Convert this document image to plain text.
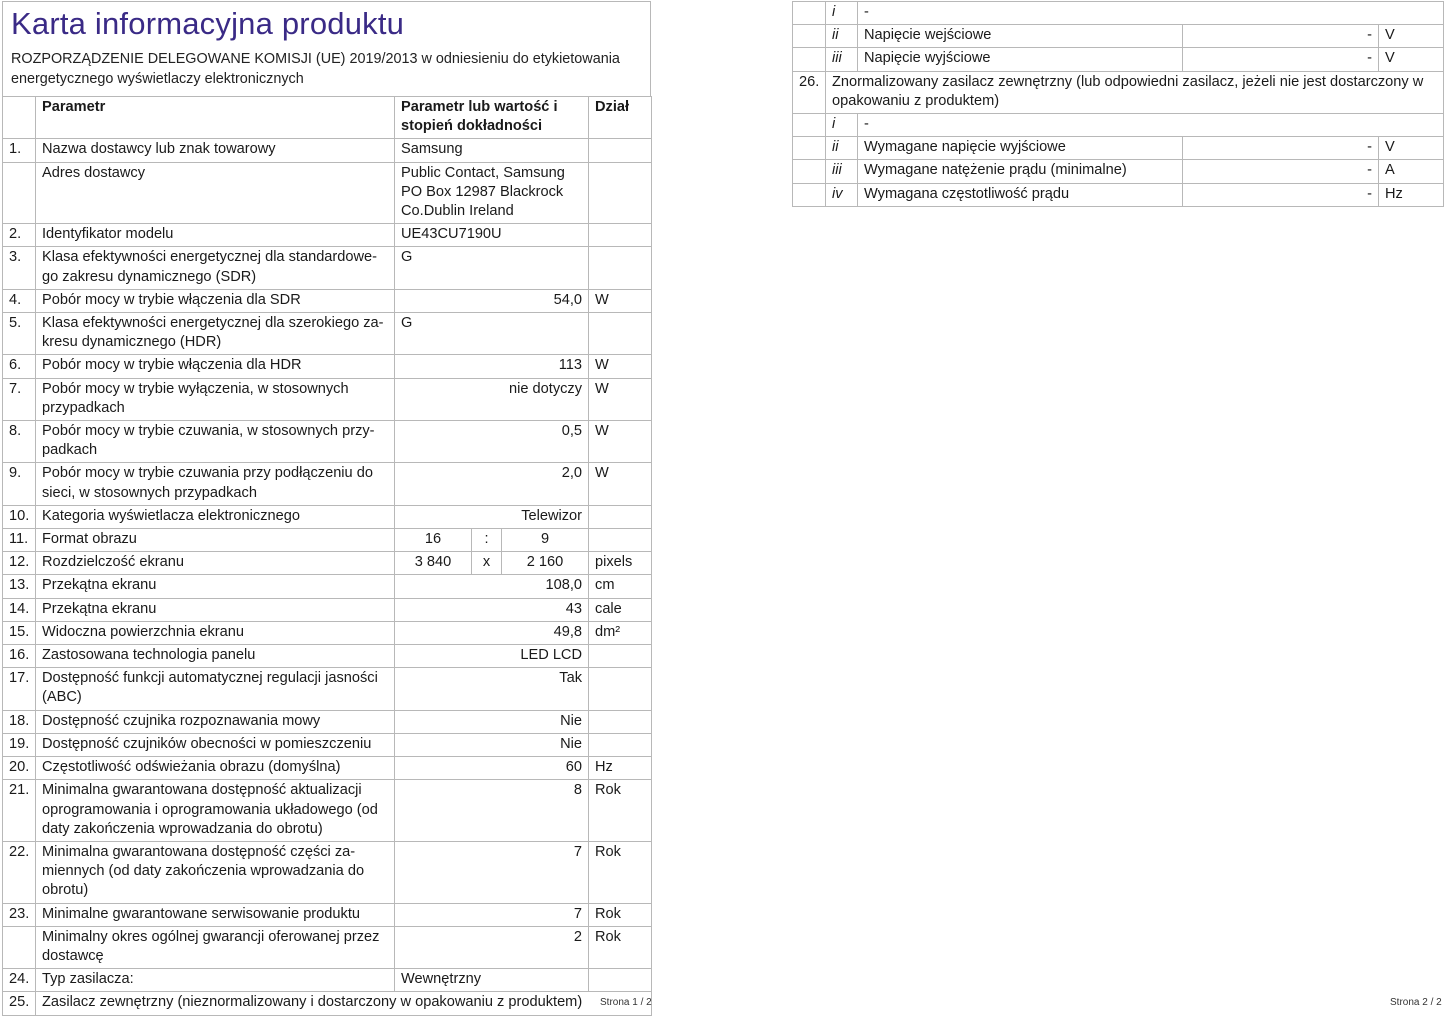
Karta informacyjna produktu

ROZPORZĄDZENIE DELEGOWANE KOMISJI (UE) 2019/2013 w odniesieniu do etykietowania energetycznego wyświetlaczy elektronicznych

	Parametr	Parametr lub wartość i stopień dokładności			Dział
1.	Nazwa dostawcy lub znak towarowy	Samsung			
	Adres dostawcy	Public Contact, Samsung PO Box 12987 Blackrock Co.Dublin Ireland			
2.	Identyfikator modelu	UE43CU7190U			
3.	Klasa efektywności energetycznej dla standardowe-go zakresu dynamicznego (SDR)	G			
4.	Pobór mocy w trybie włączenia dla SDR	54,0			W
5.	Klasa efektywności energetycznej dla szerokiego za-kresu dynamicznego (HDR)	G			
6.	Pobór mocy w trybie włączenia dla HDR	113			W
7.	Pobór mocy w trybie wyłączenia, w stosownych przypadkach	nie dotyczy			W
8.	Pobór mocy w trybie czuwania, w stosownych przy-padkach	0,5			W
9.	Pobór mocy w trybie czuwania przy podłączeniu do sieci, w stosownych przypadkach	2,0			W
10.	Kategoria wyświetlacza elektronicznego	Telewizor			
11.	Format obrazu	16	:	9	
12.	Rozdzielczość ekranu	3 840	x	2 160	pixels
13.	Przekątna ekranu	108,0			cm
14.	Przekątna ekranu	43			cale
15.	Widoczna powierzchnia ekranu	49,8			dm²
16.	Zastosowana technologia panelu	LED LCD			
17.	Dostępność funkcji automatycznej regulacji jasności (ABC)	Tak			
18.	Dostępność czujnika rozpoznawania mowy	Nie			
19.	Dostępność czujników obecności w pomieszczeniu	Nie			
20.	Częstotliwość odświeżania obrazu (domyślna)	60			Hz
21.	Minimalna gwarantowana dostępność aktualizacji oprogramowania i oprogramowania układowego (od daty zakończenia wprowadzania do obrotu)	8			Rok
22.	Minimalna gwarantowana dostępność części za-miennych (od daty zakończenia wprowadzania do obrotu)	7			Rok
23.	Minimalne gwarantowane serwisowanie produktu	7			Rok
	Minimalny okres ogólnej gwarancji oferowanej przez dostawcę	2			Rok
24.	Typ zasilacza:	Wewnętrzny			
25.	Zasilacz zewnętrzny (nieznormalizowany i dostarczony w opakowaniu z produktem)				Strona 1 / 2
	i	-		
	ii	Napięcie wejściowe	-	V
	iii	Napięcie wyjściowe	-	V
26.	Znormalizowany zasilacz zewnętrzny (lub odpowiedni zasilacz, jeżeli nie jest dostarczony w opakowaniu z produktem)			
	i	-		
	ii	Wymagane napięcie wyjściowe	-	V
	iii	Wymagane natężenie prądu (minimalne)	-	A
	iv	Wymagana częstotliwość prądu	-	Hz
Strona 2 / 2
